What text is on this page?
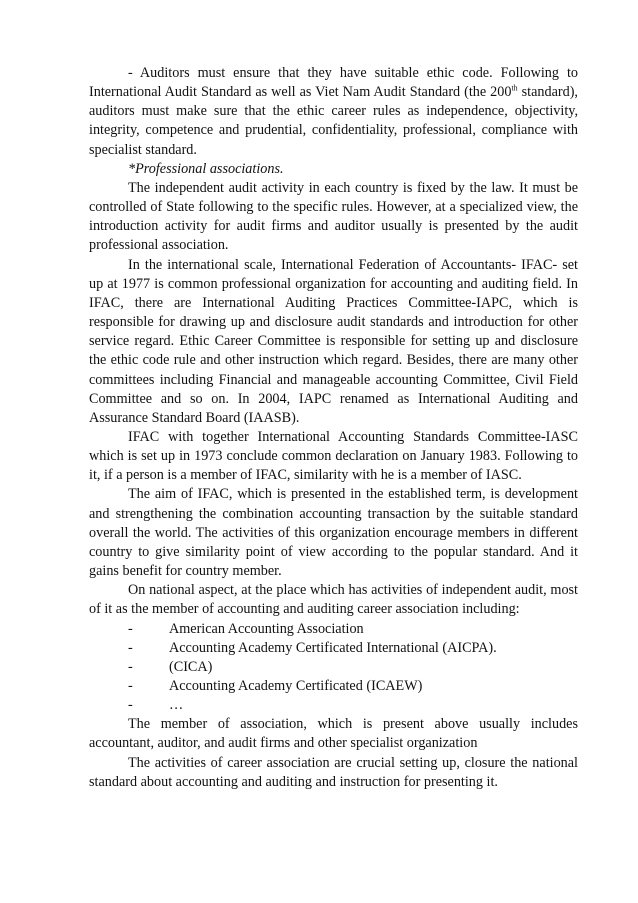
- Auditors must ensure that they have suitable ethic code. Following to International Audit Standard as well as Viet Nam Audit Standard (the 200th standard), auditors must make sure that the ethic career rules as independence, objectivity, integrity, competence and prudential, confidentiality, professional, compliance with specialist standard.

*Professional associations.

The independent audit activity in each country is fixed by the law. It must be controlled of State following to the specific rules. However, at a specialized view, the introduction activity for audit firms and auditor usually is presented by the audit professional association.

In the international scale, International Federation of Accountants- IFAC- set up at 1977 is common professional organization for accounting and auditing field. In IFAC, there are International Auditing Practices Committee-IAPC, which is responsible for drawing up and disclosure audit standards and introduction for other service regard. Ethic Career Committee is responsible for setting up and disclosure the ethic code rule and other instruction which regard. Besides, there are many other committees including Financial and manageable accounting Committee, Civil Field Committee and so on. In 2004, IAPC renamed as International Auditing and Assurance Standard Board (IAASB).

IFAC with together International Accounting Standards Committee-IASC which is set up in 1973 conclude common declaration on January 1983. Following to it, if a person is a member of IFAC, similarity with he is a member of IASC.

The aim of IFAC, which is presented in the established term, is development and strengthening the combination accounting transaction by the suitable standard overall the world. The activities of this organization encourage members in different country to give similarity point of view according to the popular standard. And it gains benefit for country member.

On national aspect, at the place which has activities of independent audit, most of it as the member of accounting and auditing career association including:

-	American Accounting Association
-	Accounting Academy Certificated International (AICPA).
-	(CICA)
-	Accounting Academy Certificated (ICAEW)
-	…

The member of association, which is present above usually includes accountant, auditor, and audit firms and other specialist organization

The activities of career association are crucial setting up, closure the national standard about accounting and auditing and instruction for presenting it.
